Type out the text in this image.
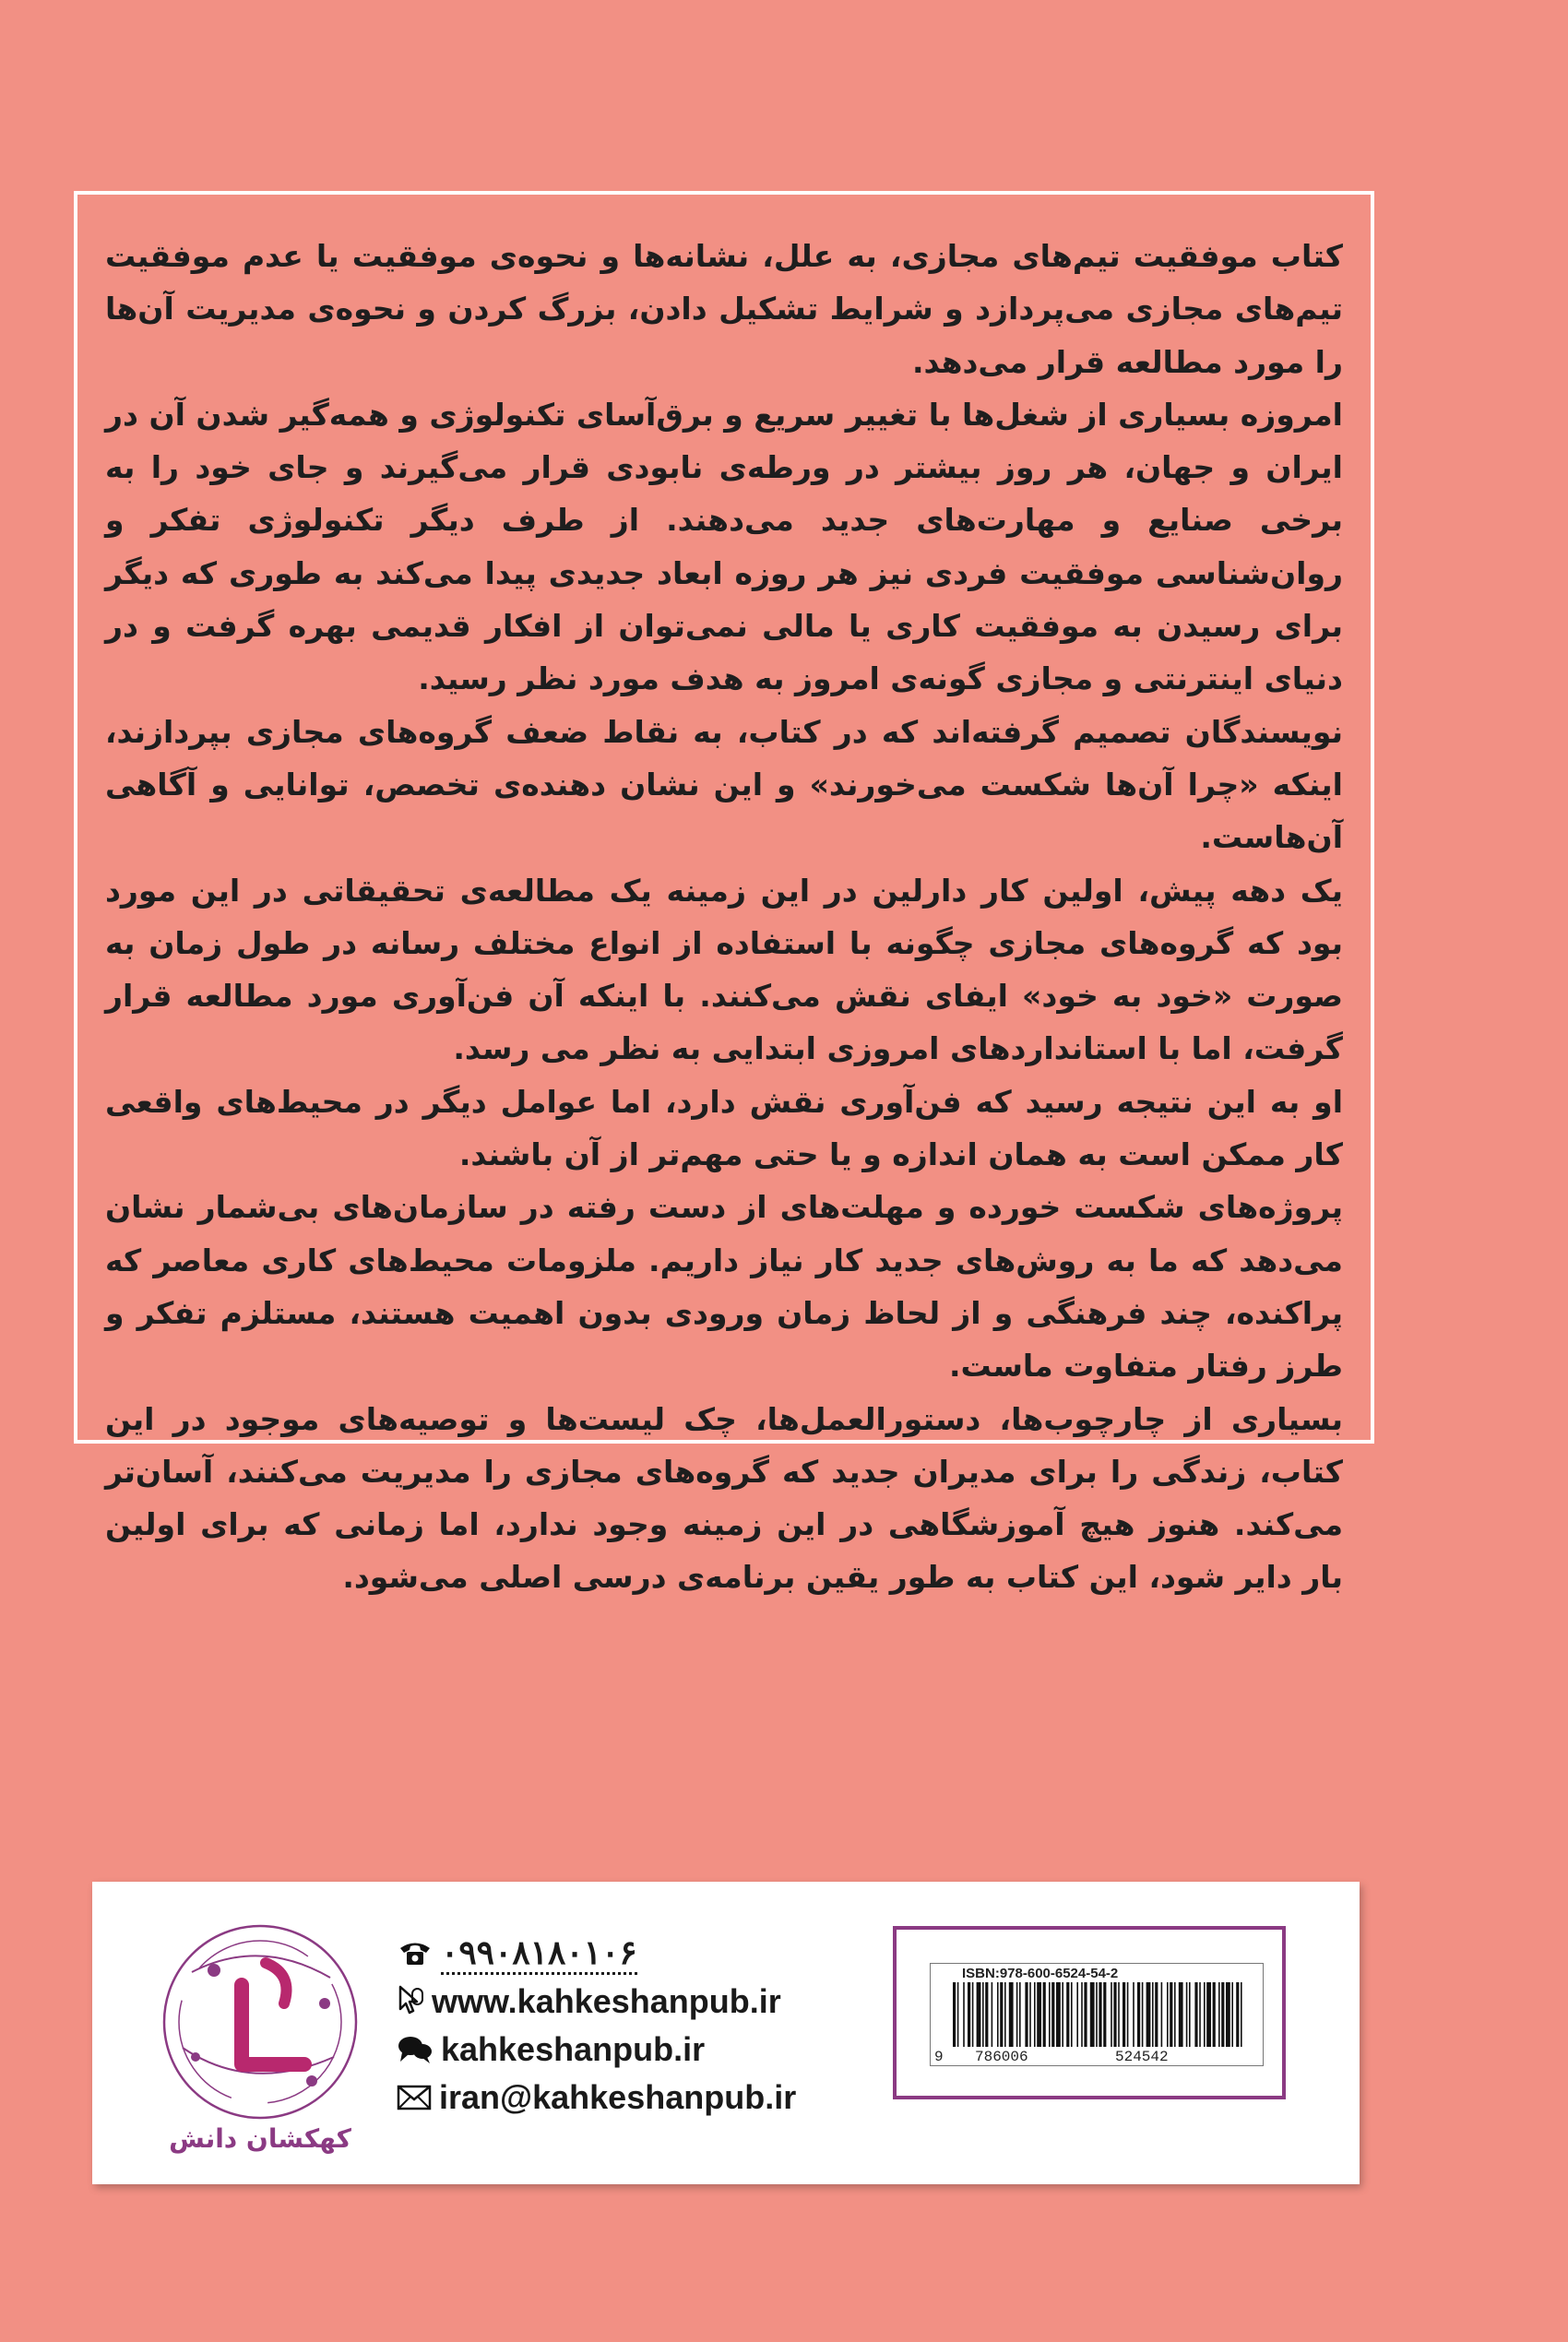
کتاب موفقیت تیم‌های مجازی، به علل، نشانه‌ها و نحوه‌ی موفقیت یا عدم موفقیت تیم‌های مجازی می‌پردازد و شرایط تشکیل دادن، بزرگ کردن و نحوه‌ی مدیریت آن‌ها را مورد مطالعه قرار می‌دهد.

امروزه بسیاری از شغل‌ها با تغییر سریع و برق‌آسای تکنولوژی و همه‌گیر شدن آن در ایران و جهان، هر روز بیشتر در ورطه‌ی نابودی قرار می‌گیرند و جای خود را به برخی صنایع و مهارت‌های جدید می‌دهند. از طرف دیگر تکنولوژی تفکر و روان‌شناسی موفقیت فردی نیز هر روزه ابعاد جدیدی پیدا می‌کند به طوری که دیگر برای رسیدن به موفقیت کاری یا مالی نمی‌توان از افکار قدیمی بهره گرفت و در دنیای اینترنتی و مجازی گونه‌ی امروز به هدف مورد نظر رسید.

نویسندگان تصمیم گرفته‌اند که در کتاب، به نقاط ضعف گروه‌های مجازی بپردازند، اینکه «چرا آن‌ها شکست می‌خورند» و این نشان دهنده‌ی تخصص، توانایی و آگاهی آن‌هاست.

یک دهه پیش، اولین کار دارلین در این زمینه یک مطالعه‌ی تحقیقاتی در این مورد بود که گروه‌های مجازی چگونه با استفاده از انواع مختلف رسانه در طول زمان به صورت «خود به خود» ایفای نقش می‌کنند. با اینکه آن فن‌آوری مورد مطالعه قرار گرفت، اما با استانداردهای امروزی ابتدایی به نظر می رسد.

او به این نتیجه رسید که فن‌آوری نقش دارد، اما عوامل دیگر در محیط‌های واقعی کار ممکن است به همان اندازه و یا حتی مهم‌تر از آن باشند.

پروژه‌های شکست خورده و مهلت‌های از دست رفته در سازمان‌های بی‌شمار نشان می‌دهد که ما به روش‌های جدید کار نیاز داریم. ملزومات محیط‌های کاری معاصر که پراکنده، چند فرهنگی و از لحاظ زمان ورودی بدون اهمیت هستند، مستلزم تفکر و طرز رفتار متفاوت ماست.

بسیاری از چارچوب‌ها، دستورالعمل‌ها، چک لیست‌ها و توصیه‌های موجود در این کتاب، زندگی را برای مدیران جدید که گروه‌های مجازی را مدیریت می‌کنند، آسان‌تر می‌کند. هنوز هیچ آموزشگاهی در این زمینه وجود ندارد، اما زمانی که برای اولین بار دایر شود، این کتاب به طور یقین برنامه‌ی درسی اصلی می‌شود.

کهکشان دانش
۰۹۹۰۸۱۸۰۱۰۶
www.kahkeshanpub.ir
kahkeshanpub.ir
iran@kahkeshanpub.ir
ISBN:978-600-6524-54-2
9 786006	524542
